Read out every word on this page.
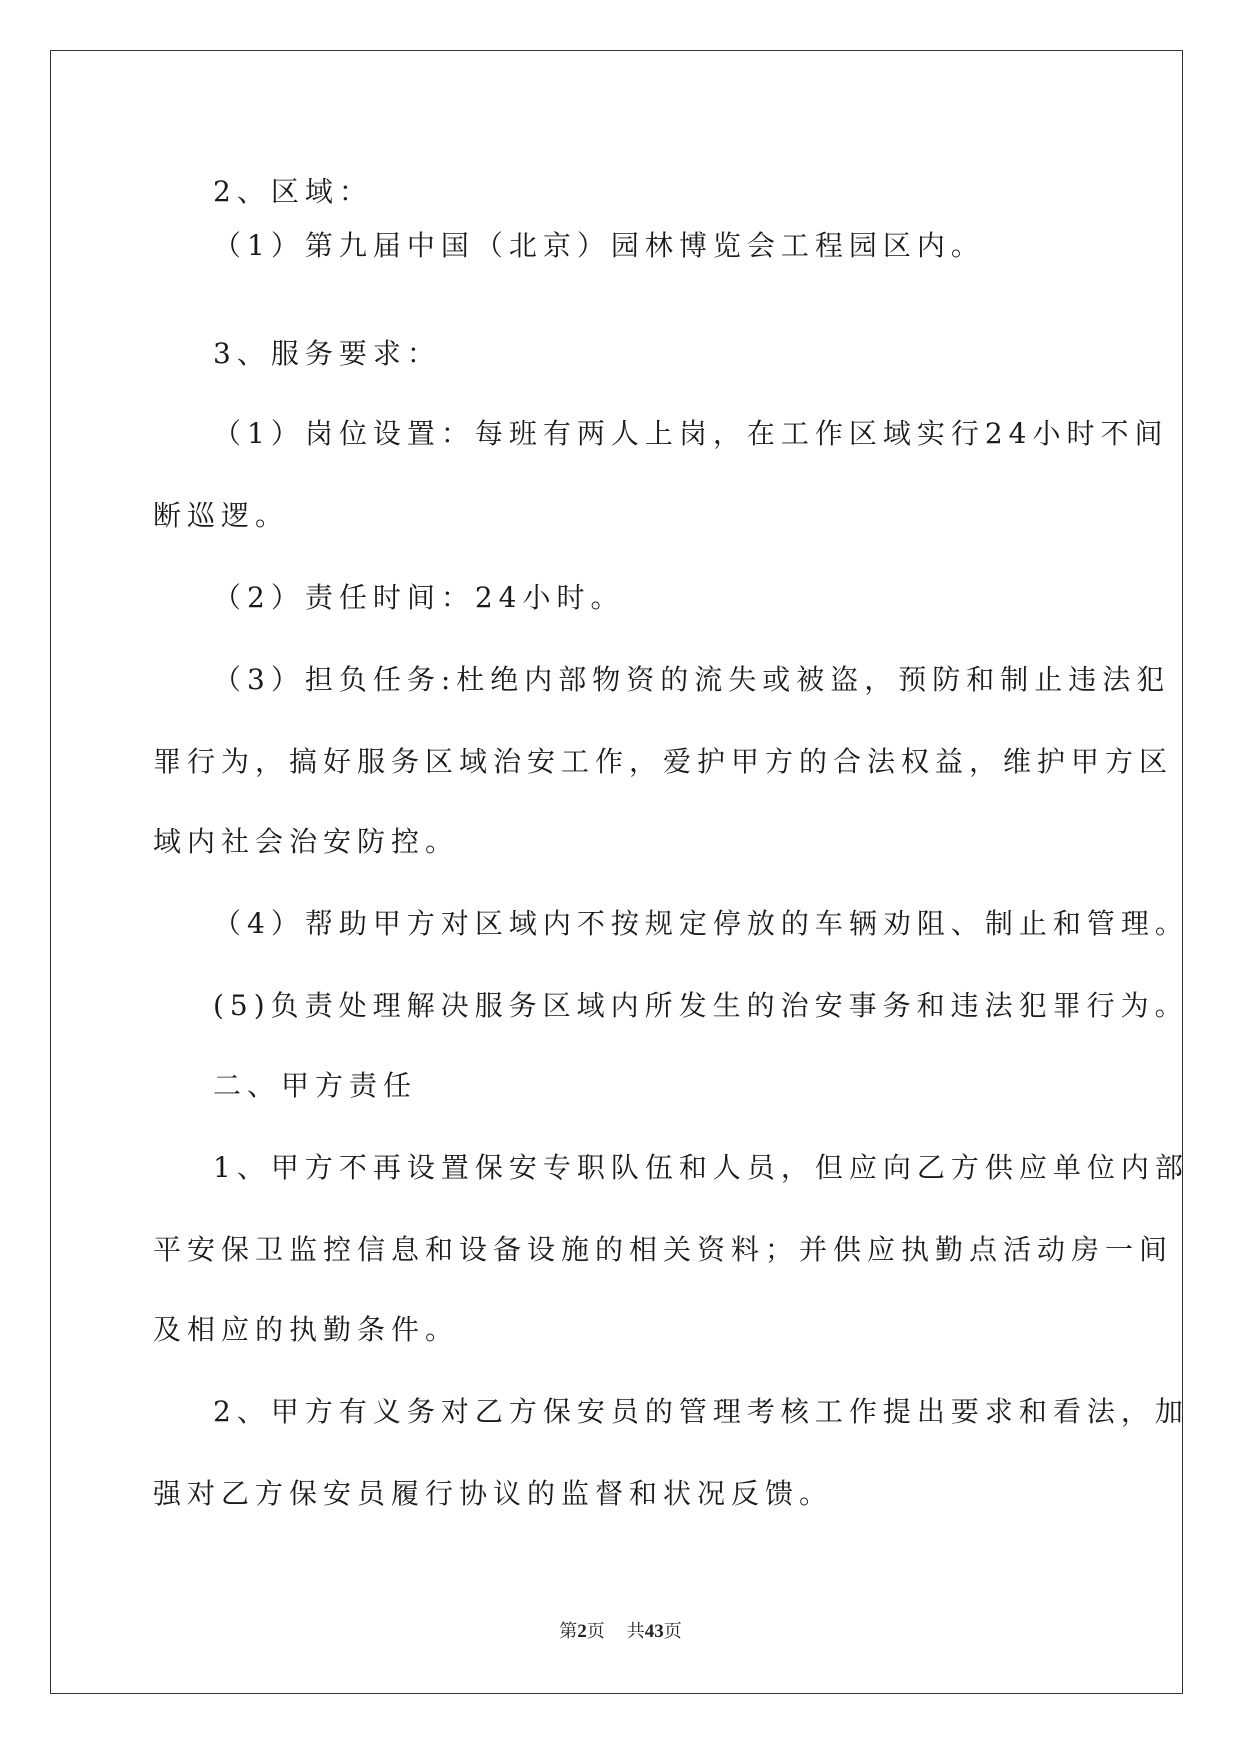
2、区域：
（1）第九届中国（北京）园林博览会工程园区内。
3、服务要求：
（1）岗位设置：每班有两人上岗，在工作区域实行24小时不间
断巡逻。
（2）责任时间：24小时。
（3）担负任务:杜绝内部物资的流失或被盗，预防和制止违法犯
罪行为，搞好服务区域治安工作，爱护甲方的合法权益，维护甲方区
域内社会治安防控。
（4）帮助甲方对区域内不按规定停放的车辆劝阻、制止和管理。
(5)负责处理解决服务区域内所发生的治安事务和违法犯罪行为。
二、甲方责任
1、甲方不再设置保安专职队伍和人员，但应向乙方供应单位内部
平安保卫监控信息和设备设施的相关资料；并供应执勤点活动房一间
及相应的执勤条件。
2、甲方有义务对乙方保安员的管理考核工作提出要求和看法，加
强对乙方保安员履行协议的监督和状况反馈。
第2页 共43页
